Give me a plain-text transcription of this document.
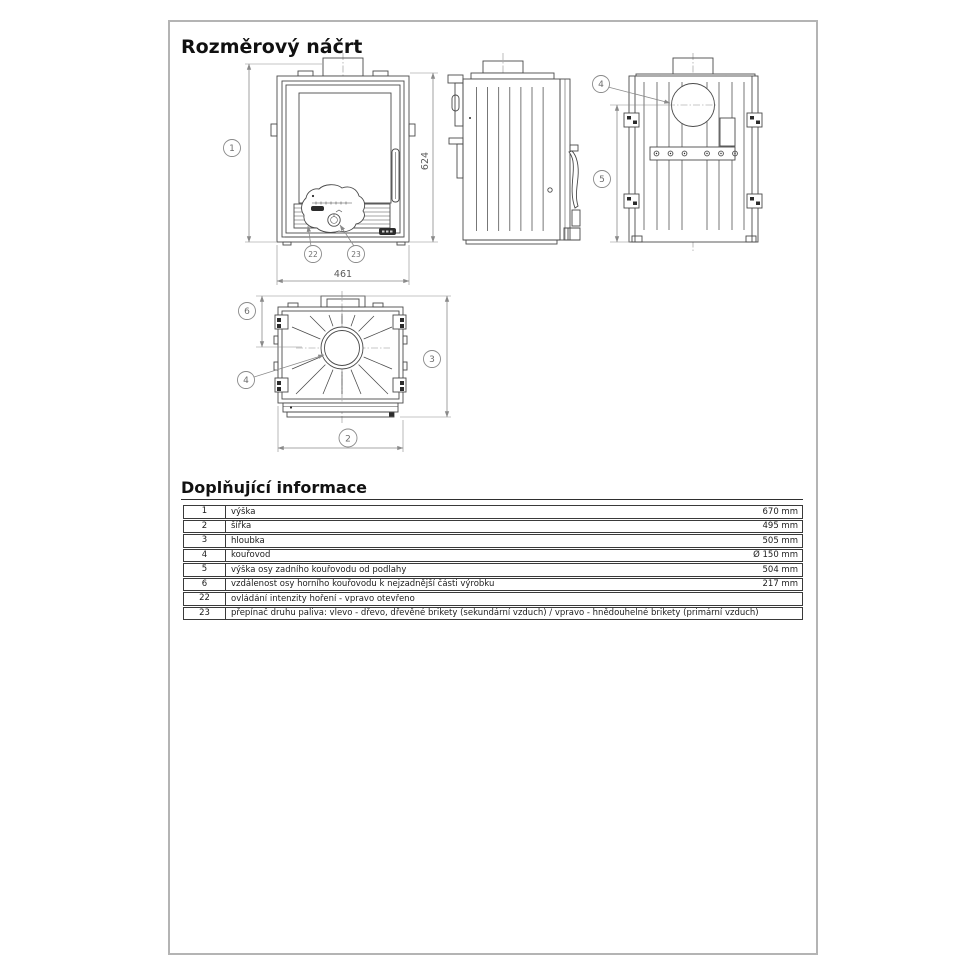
Rozměrový náčrt
1
624
461
22	23
4
5
6
3
4
2
Doplňující informace
1	výška	670 mm
2	šířka	495 mm
3	hloubka	505 mm
4	kouřovod	Ø 150 mm
5	výška osy zadního kouřovodu od podlahy	504 mm
6	vzdálenost osy horního kouřovodu k nejzadnější části výrobku	217 mm
22	ovládání intenzity hoření - vpravo otevřeno
23	přepínač druhu paliva: vlevo - dřevo, dřevěné brikety (sekundární vzduch) / vpravo - hnědouhelné brikety (primární vzduch)
